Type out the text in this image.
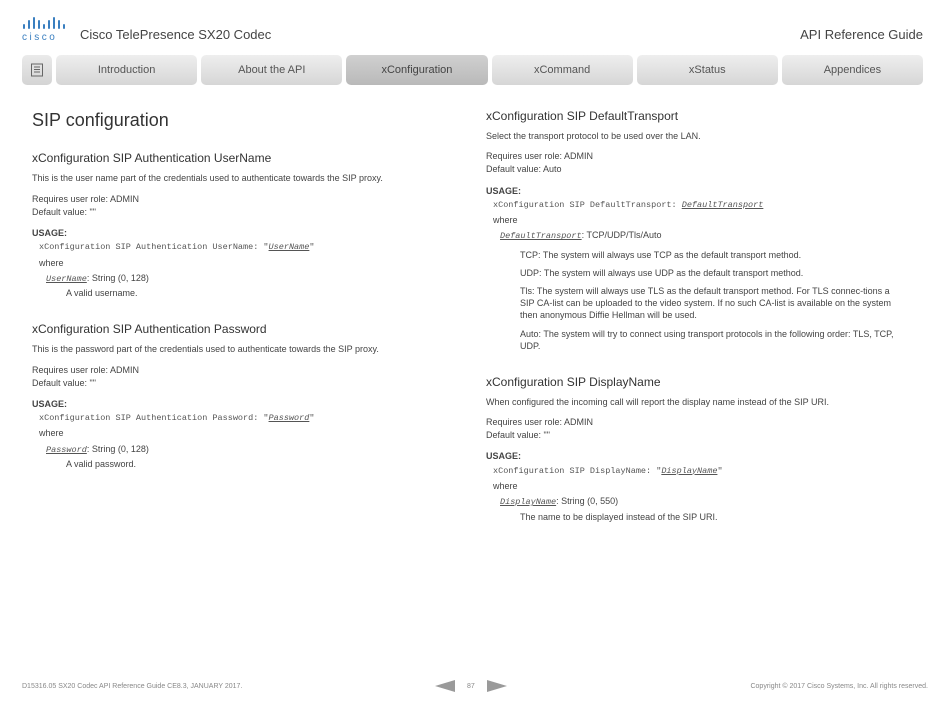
cisco	Cisco TelePresence SX20 Codec	API Reference Guide
Introduction	About the API	xConfiguration	xCommand	xStatus	Appendices
SIP configuration
xConfiguration SIP Authentication UserName
This is the user name part of the credentials used to authenticate towards the SIP proxy.
Requires user role: ADMIN
Default value: ""
USAGE:
xConfiguration SIP Authentication UserName: "UserName"
where
UserName: String (0, 128)
A valid username.
xConfiguration SIP Authentication Password
This is the password part of the credentials used to authenticate towards the SIP proxy.
Requires user role: ADMIN
Default value: ""
USAGE:
xConfiguration SIP Authentication Password: "Password"
where
Password: String (0, 128)
A valid password.
xConfiguration SIP DefaultTransport
Select the transport protocol to be used over the LAN.
Requires user role: ADMIN
Default value: Auto
USAGE:
xConfiguration SIP DefaultTransport: DefaultTransport
where
DefaultTransport: TCP/UDP/Tls/Auto
TCP: The system will always use TCP as the default transport method.
UDP: The system will always use UDP as the default transport method.
Tls: The system will always use TLS as the default transport method. For TLS connec-tions a SIP CA-list can be uploaded to the video system. If no such CA-list is available on the system then anonymous Diffie Hellman will be used.
Auto: The system will try to connect using transport protocols in the following order: TLS, TCP, UDP.
xConfiguration SIP DisplayName
When configured the incoming call will report the display name instead of the SIP URI.
Requires user role: ADMIN
Default value: ""
USAGE:
xConfiguration SIP DisplayName: "DisplayName"
where
DisplayName: String (0, 550)
The name to be displayed instead of the SIP URI.
D15316.05 SX20 Codec API Reference Guide CE8.3, JANUARY 2017.	87	Copyright © 2017 Cisco Systems, Inc. All rights reserved.
